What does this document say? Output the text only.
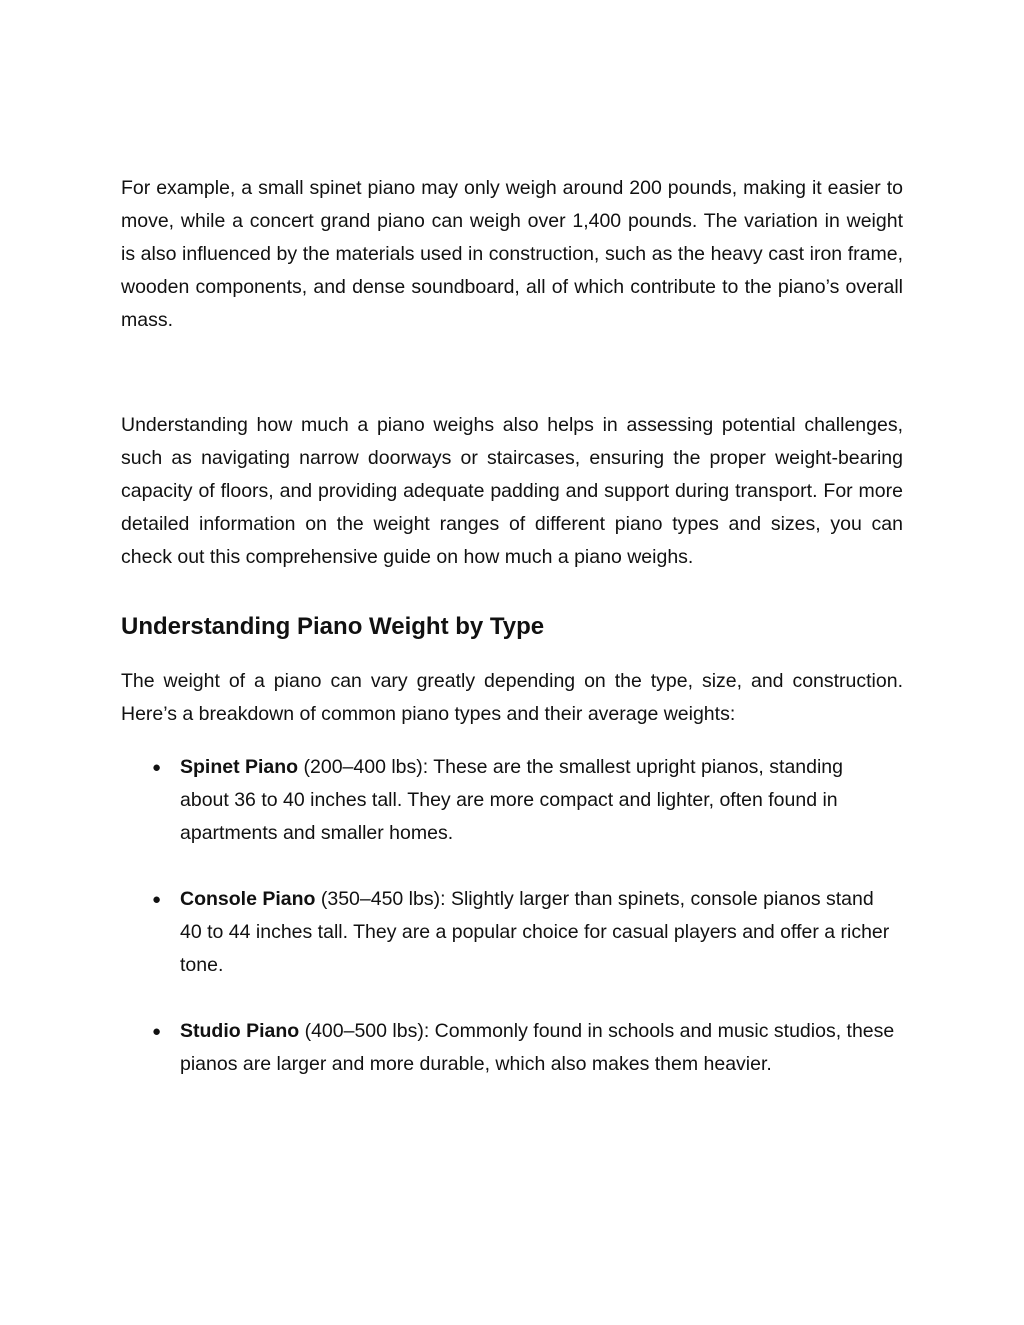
For example, a small spinet piano may only weigh around 200 pounds, making it easier to move, while a concert grand piano can weigh over 1,400 pounds. The variation in weight is also influenced by the materials used in construction, such as the heavy cast iron frame, wooden components, and dense soundboard, all of which contribute to the piano’s overall mass.

Understanding how much a piano weighs also helps in assessing potential challenges, such as navigating narrow doorways or staircases, ensuring the proper weight-bearing capacity of floors, and providing adequate padding and support during transport. For more detailed information on the weight ranges of different piano types and sizes, you can check out this comprehensive guide on how much a piano weighs.

Understanding Piano Weight by Type

The weight of a piano can vary greatly depending on the type, size, and construction. Here’s a breakdown of common piano types and their average weights:

● Spinet Piano (200–400 lbs): These are the smallest upright pianos, standing about 36 to 40 inches tall. They are more compact and lighter, often found in apartments and smaller homes.
● Console Piano (350–450 lbs): Slightly larger than spinets, console pianos stand 40 to 44 inches tall. They are a popular choice for casual players and offer a richer tone.
● Studio Piano (400–500 lbs): Commonly found in schools and music studios, these pianos are larger and more durable, which also makes them heavier.
